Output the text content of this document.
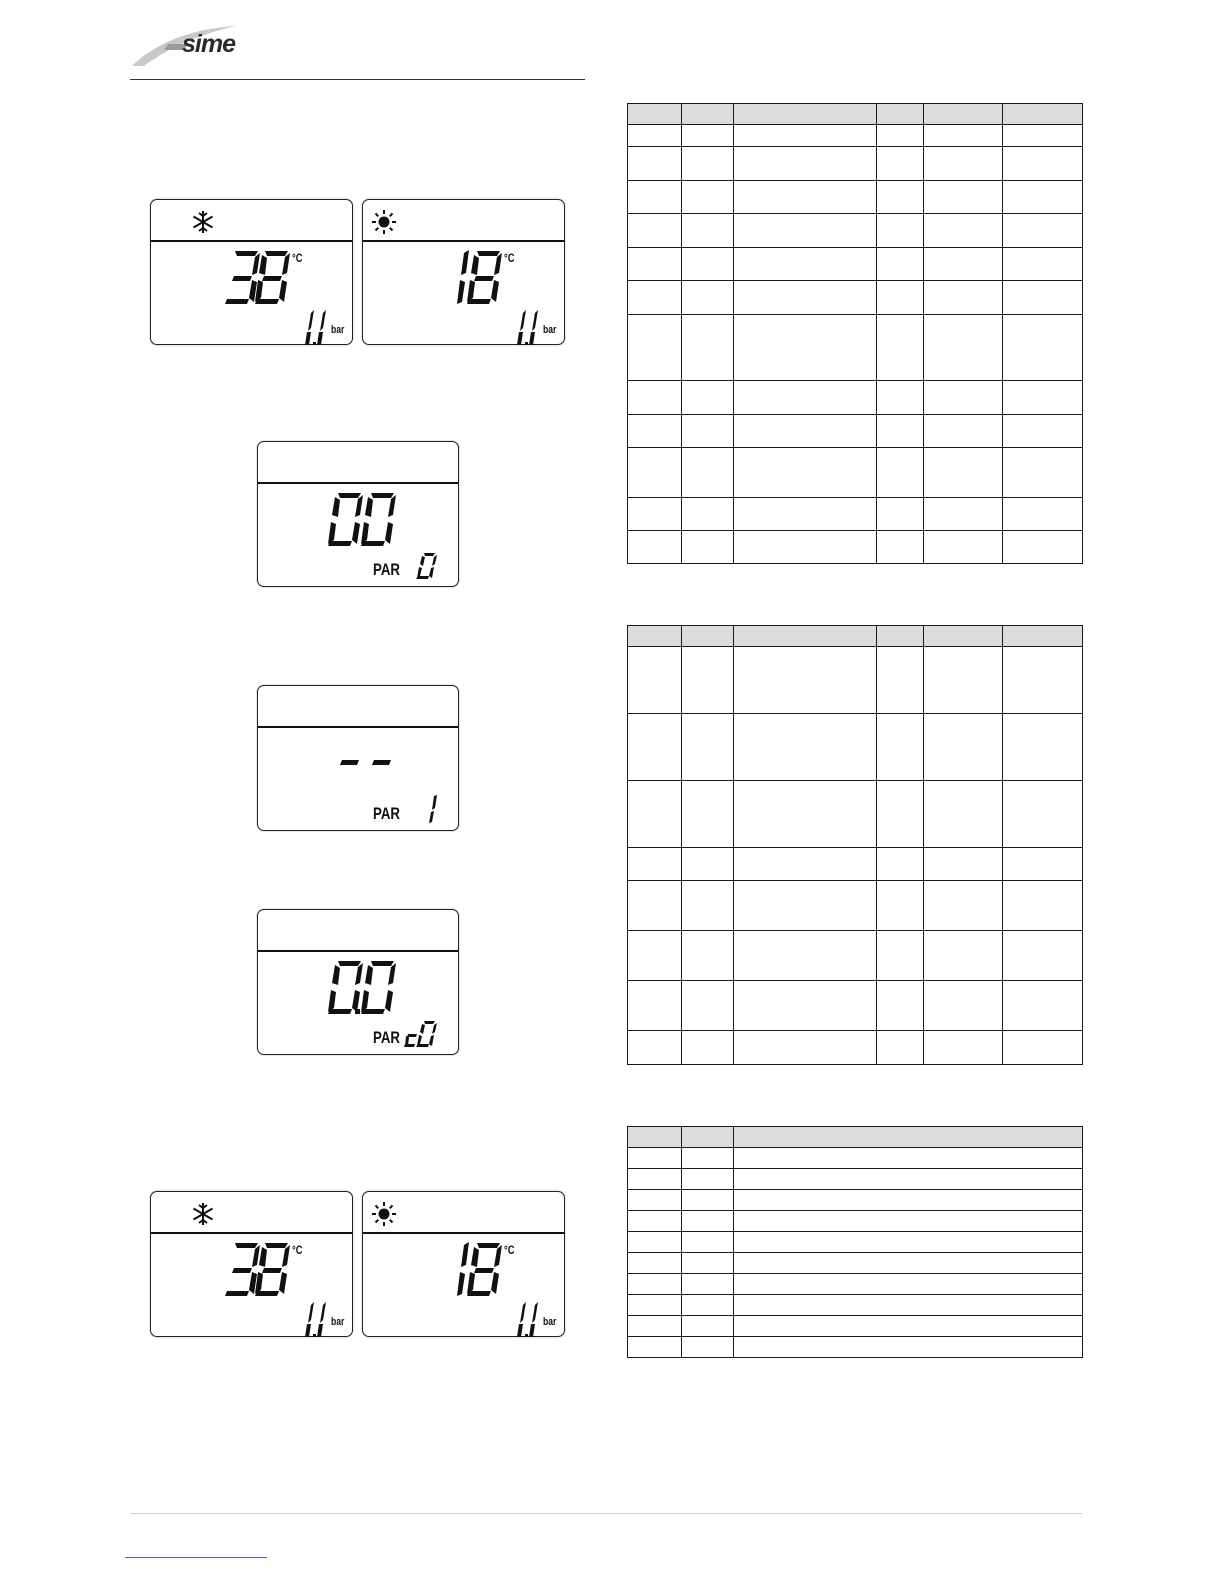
sime
°C
bar
°C
bar
PAR
PAR
PAR
°C
bar
°C
bar
